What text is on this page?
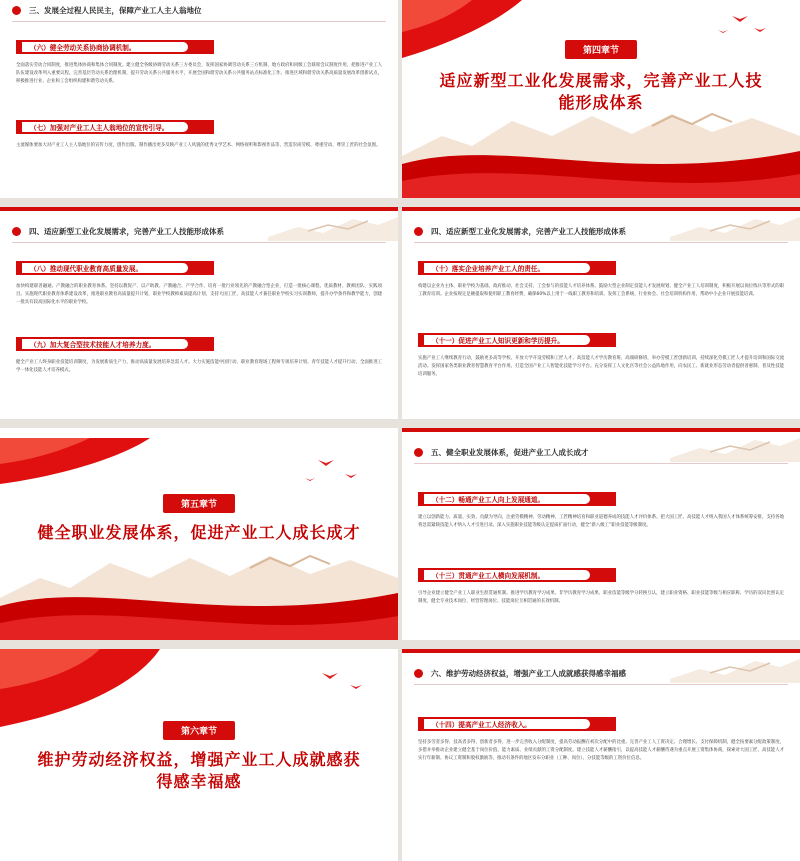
三、发展全过程人民民主，保障产业工人主人翁地位
（六）健全劳动关系协商协调机制。
全面落实劳动合同制度，推进集体协商和集体合同制度。建立健全各级协调劳动关系三方委员会，发挥国家协调劳动关系三方机制、地方政府和同级工会联席会议制度作用，把推进产业工人队伍建设改革列入重要议程。完善基层劳动关系治理机制，提升劳动关系公共服务水平，开展全国和谐劳动关系公共服务站点标准化工作。推进区域和谐劳动关系高质量发展改革创新试点，积极推进行业、企业和工会组织构建和谐劳动关系。
（七）加强对产业工人主人翁地位的宣传引导。
主流媒体要加大对产业工人主人翁地位的宣传力度，创作出版、制作播出更多反映产业工人风貌的优秀文学艺术、网络视听和影视作品等，营造崇尚劳模、尊重劳动、尊崇工匠的社会氛围。
第四章节
适应新型工业化发展需求，完善产业工人技能形成体系
四、适应新型工业化发展需求，完善产业工人技能形成体系
（八）推动现代职业教育高质量发展。
加快构建职普融通、产教融合的职业教育体系。坚持以教促产、以产助教、产教融合、产学合作，培育一批行业领先的产教融合型企业，打造一批核心课程、优质教材、教师团队、实践项目。实施现代职业教育体系建设改革，推进职业教育高质量提升计划，职业学校教师素质提高计划，支持大国工匠、高技能人才兼任职业学校实习实训教师，提升办学条件和教学能力，创建一批具有较高国际化水平的职业学校。
（九）加大复合型技术技能人才培养力度。
健全产业工人终身职业技能培训制度，为发展新质生产力、推动高质量发展培养急需人才。大力实施技能中国行动、职业教育现场工程师专项培养计划、青年技能人才提升行动，全面推进工学一体化技能人才培养模式。
四、适应新型工业化发展需求，完善产业工人技能形成体系
（十）落实企业培养产业工人的责任。
构建以企业为主体、职业学校为基础，政府推动、社会支持、工会参与的技能人才培养体系。鼓励大型企业制定技能人才发展规划，健全产业工人培训制度，积极开展以岗位练兵等形式的职工教育培训。企业按规定足额提取和使用职工教育经费，确保60%以上用于一线职工教育和培训。发挥工会系统、行业协会、社会培训机构作用，帮助中小企业开展技能培训。
（十一）促进产业工人知识更新和学历提升。
实施产业工人继续教育行动，鼓励更多高等学校、开放大学开设劳模和工匠人才、高技能人才学历教育班、高端研修班，举办劳模工匠创新培训，持续深化劳模工匠人才提升培训和国际交流活动。发挥国家各类职业教育智慧教育平台作用。打造全国产业工人智能化技能学习平台。充分发挥工人文化宫等社会公益阵地作用，向农民工、新就业形态劳动者提供普惠制、普及性技能培训服务。
第五章节
健全职业发展体系，促进产业工人成长成才
五、健全职业发展体系，促进产业工人成长成才
（十二）畅通产业工人向上发展通道。
建立以创新能力、质量、实效、贡献为导向，注重劳模精神、劳动精神、工匠精神培育和职业道德养成的技能人才评价体系。把大国工匠、高技能人才纳入我国人才体系统筹安排，支持各地将急需紧缺技能人才纳入人才引进目录。深入实施职业技能等级认定提质扩面行动，健全“新八级工”职业技能等级制度。
（十三）贯通产业工人横向发展机制。
引导企业建立健全产业工人职业生涯贯通机制。推进学历教育学习成果、非学历教育学习成果、职业技能等级学分转换互认，建立职业资格、职业技能等级与相应职称、学历的双向比照认定制度，健全专业技术岗位、经营管理岗位、技能岗位互相贯通的长效机制。
第六章节
维护劳动经济权益，增强产业工人成就感获得感幸福感
六、维护劳动经济权益，增强产业工人成就感获得感幸福感
（十四）提高产业工人经济收入。
坚持多劳者多得、技高者多得、创新者多得，进一步完善收入分配制度，提高劳动报酬在初次分配中的比重。完善产业工人工资决定、合理增长、支付保障机制，健全按要素分配政策制度，多措并举推动企业建立健全基于岗位价值、能力素质、业绩贡献的工资分配制度。建立技能人才薪酬指引，以提高技能人才薪酬待遇为重点开展工资集体协商，探索对大国工匠、高技能人才实行年薪制、协议工资制和股权激励等，推动有条件的地区发布分职业（工种、岗位）、分技能等级的工资价位信息。
